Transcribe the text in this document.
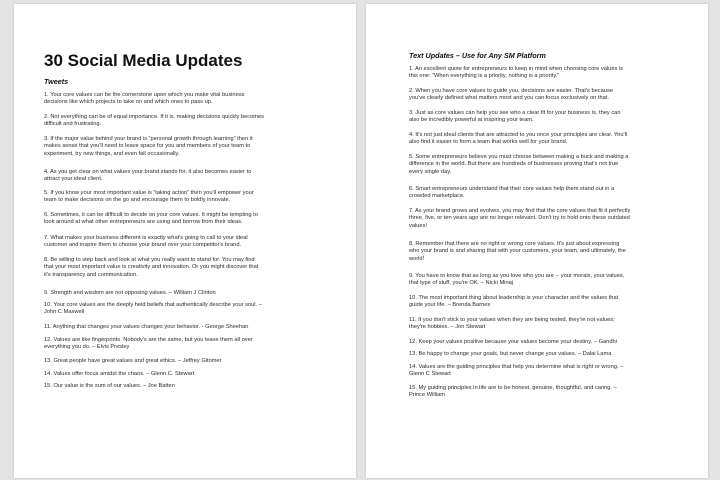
30 Social Media Updates
Tweets
1. Your core values can be the cornerstone upon which you make vital business
decisions like which projects to take on and which ones to pass up.
2. Not everything can be of equal importance. If it is, making decisions quickly becomes
difficult and frustrating.
3. If the major value behind your brand is “personal growth through learning” then it
makes sense that you'll need to leave space for you and members of your team to
experiment, try new things, and even fail occasionally.
4. As you get clear on what values your brand stands for, it also becomes easier to
attract your ideal client.
5. If you know your most important value is “taking action” then you'll empower your
team to make decisions on the go and encourage them to boldly innovate.
6. Sometimes, it can be difficult to decide on your core values. It might be tempting to
look around at what other entrepreneurs are using and borrow from their ideas.
7. What makes your business different is exactly what's going to call to your ideal
customer and inspire them to choose your brand over your competitor's brand.
8. Be willing to step back and look at what you really want to stand for. You may find
that your most important value is creativity and innovation. Or you might discover that
it's transparency and communication.
9. Strength and wisdom are not opposing values. – William J Clinton
10. Your core values are the deeply held beliefs that authentically describe your soul. –
John C Maxwell
11. Anything that changes your values changes your behavior. - George Sheehan
12. Values are like fingerprints. Nobody's are the same, but you leave them all over
everything you do. – Elvis Presley
13. Great people have great values and great ethics. – Jeffrey Gitomer
14. Values offer focus amidst the chaos. – Glenn C. Stewart
15. Our value is the sum of our values. – Joe Batten
Text Updates – Use for Any SM Platform
1. An excellent quote for entrepreneurs to keep in mind when choosing core values is
this one: “When everything is a priority, nothing is a priority.”
2. When you have core values to guide you, decisions are easier. That's because
you've clearly defined what matters most and you can focus exclusively on that.
3. Just as core values can help you see who a clear fit for your business is, they can
also be incredibly powerful at inspiring your team.
4. It's not just ideal clients that are attracted to you once your principles are clear. You'll
also find it easier to form a team that works well for your brand.
5. Some entrepreneurs believe you must choose between making a buck and making a
difference in the world. But there are hundreds of businesses proving that's not true
every single day.
6. Smart entrepreneurs understand that their core values help them stand out in a
crowded marketplace.
7. As your brand grows and evolves, you may find that the core values that fit it perfectly
three, five, or ten years ago are no longer relevant. Don't try to hold onto these outdated
values!
8. Remember that there are no right or wrong core values. It's just about expressing
who your brand is and sharing that with your customers, your team, and ultimately, the
world!
9. You have to know that as long as you love who you are -- your morals, your values,
that type of stuff, you're OK. – Nicki Minaj
10. The most important thing about leadership is your character and the values that
guide your life. – Brenda Barnes
11. If you don't stick to your values when they are being tested, they're not values;
they're hobbies. – Jon Stewart
12. Keep your values positive because your values become your destiny. – Gandhi
13. Be happy to change your goals, but never change your values. – Dalai Lama
14. Values are the guiding principles that help you determine what is right or wrong. –
Glenn C Stewart
15. My guiding principles in life are to be honest, genuine, thoughtful, and caring. –
Prince William
